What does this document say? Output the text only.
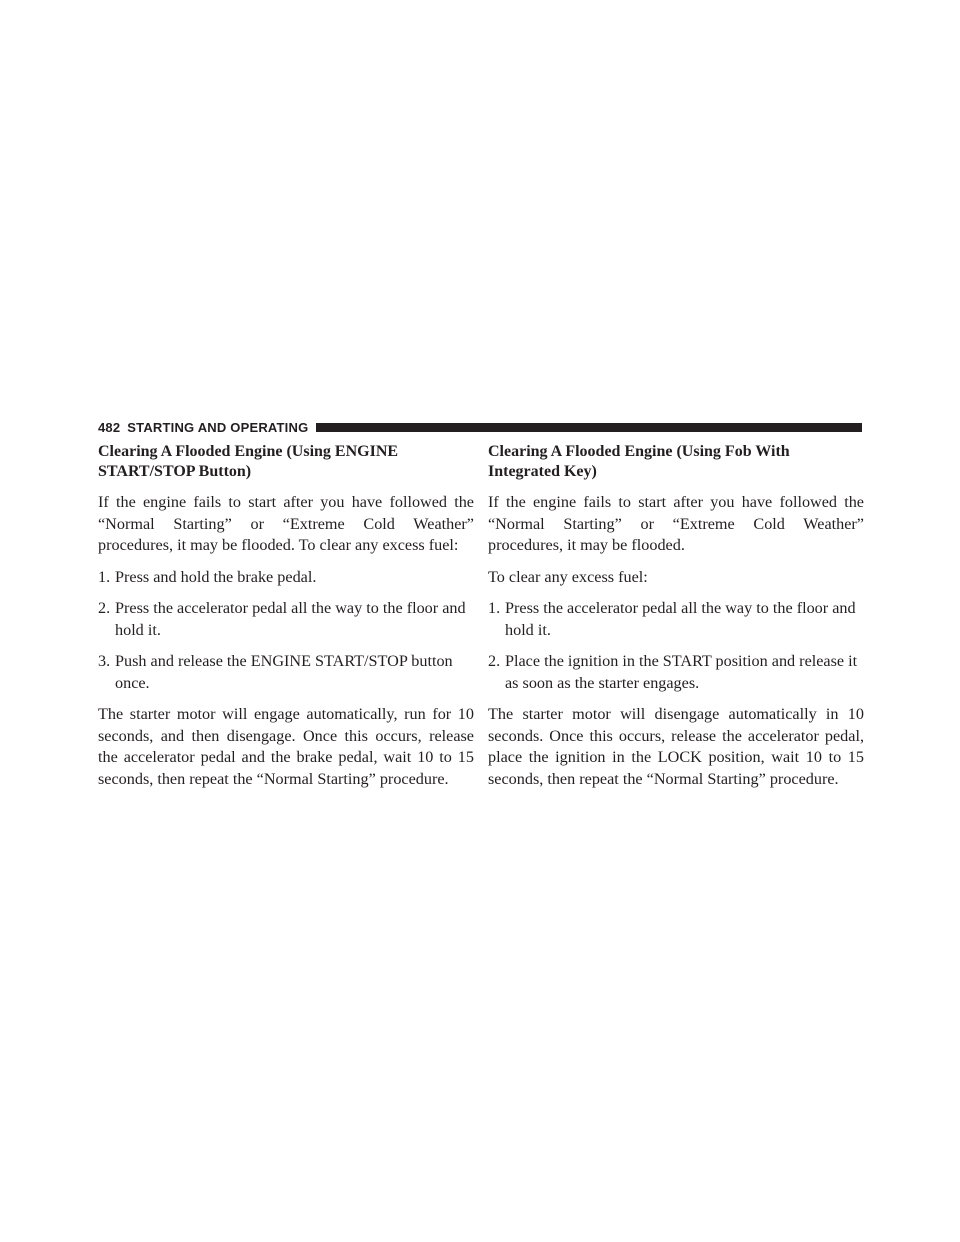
482 STARTING AND OPERATING
Clearing A Flooded Engine (Using ENGINE START/STOP Button)

If the engine fails to start after you have followed the “Normal Starting” or “Extreme Cold Weather” procedures, it may be flooded. To clear any excess fuel:

1. Press and hold the brake pedal.
2. Press the accelerator pedal all the way to the floor and hold it.
3. Push and release the ENGINE START/STOP button once.

The starter motor will engage automatically, run for 10 seconds, and then disengage. Once this occurs, release the accelerator pedal and the brake pedal, wait 10 to 15 seconds, then repeat the “Normal Starting” procedure.

Clearing A Flooded Engine (Using Fob With Integrated Key)

If the engine fails to start after you have followed the “Normal Starting” or “Extreme Cold Weather” procedures, it may be flooded.

To clear any excess fuel:

1. Press the accelerator pedal all the way to the floor and hold it.
2. Place the ignition in the START position and release it as soon as the starter engages.

The starter motor will disengage automatically in 10 seconds. Once this occurs, release the accelerator pedal, place the ignition in the LOCK position, wait 10 to 15 seconds, then repeat the “Normal Starting” procedure.
